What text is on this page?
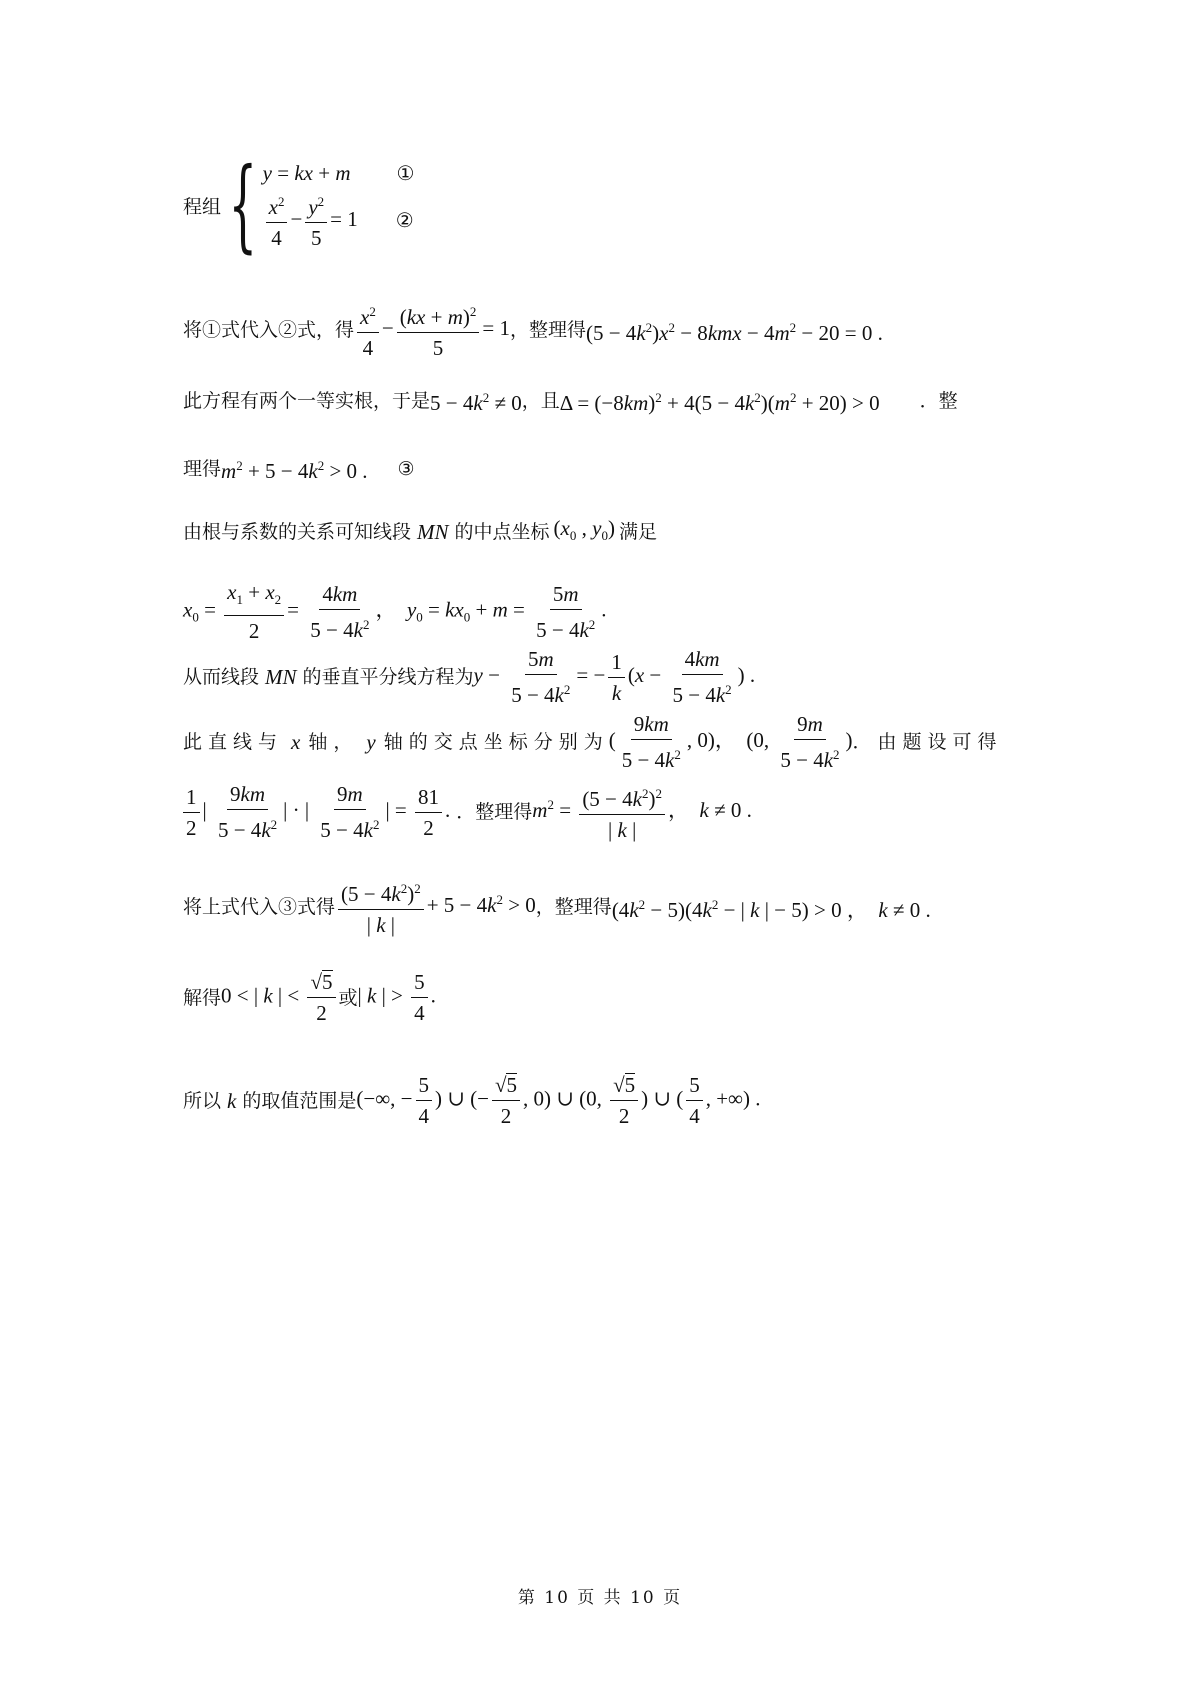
程组 { y = kx + m ①
$\frac{x^2}{4} - \frac{y^2}{5} = 1$ ②
将①式代入②式，得 $\frac{x^2}{4} - \frac{(kx + m)^2}{5} = 1$ ，整理得 $(5 - 4k^2)x^2 - 8kmx - 4m^2 - 20 = 0$ .
此方程有两个一等实根，于是 $5 - 4k^2 \ne 0$ ，且 $\Delta = (-8km)^2 + 4(5 - 4k^2)(m^2 + 20) > 0$ ．整
理得 $m^2 + 5 - 4k^2 > 0$ . ③
由根与系数的关系可知线段 MN 的中点坐标 ($x_0$ , $y_0$) 满足
$x_0 = \frac{x_1 + x_2}{2} = \frac{4km}{5 - 4k^2}$ ，  $y_0 = kx_0 + m = \frac{5m}{5 - 4k^2}$ .
从而线段 MN 的垂直平分线方程为 $y - \frac{5m}{5 - 4k^2}$ = − $\frac{1}{k} (x - \frac{4km}{5 - 4k^2}$ ) .
此直线与 x 轴， y 轴的交点坐标分别为 ( $\frac{9km}{5 - 4k^2}$ , 0)，  (0, $\frac{9m}{5 - 4k^2}$ ) ．由题设可得
$\frac{1}{2}$ | $\frac{9km}{5 - 4k^2}$ | · | $\frac{9m}{5 - 4k^2}$ | = $\frac{81}{2}$ . ．整理得 $m^2 = \frac{(5 - 4k^2)^2}{| k |}$ ，  k ≠ 0 .
将上式代入③式得 $\frac{(5 - 4k^2)^2}{| k |} + 5 - 4k^2 > 0$ ，整理得 $(4k^2 - 5)(4k^2$ − | k | − 5) > 0 ，  k ≠ 0 .
解得 0 < | k | < $\frac{√ 5}{2}$ 或 | k | > $\frac{5}{4}$ .
所以 k 的取值范围是 (−∞, − $\frac{5}{4}$ ) ∪ (− $\frac{√ 5}{2}$ , 0) ∪ (0, $\frac{√ 5}{2}$ ) ∪ ( $\frac{5}{4}$ , +∞) .
第 10 页 共 10 页
